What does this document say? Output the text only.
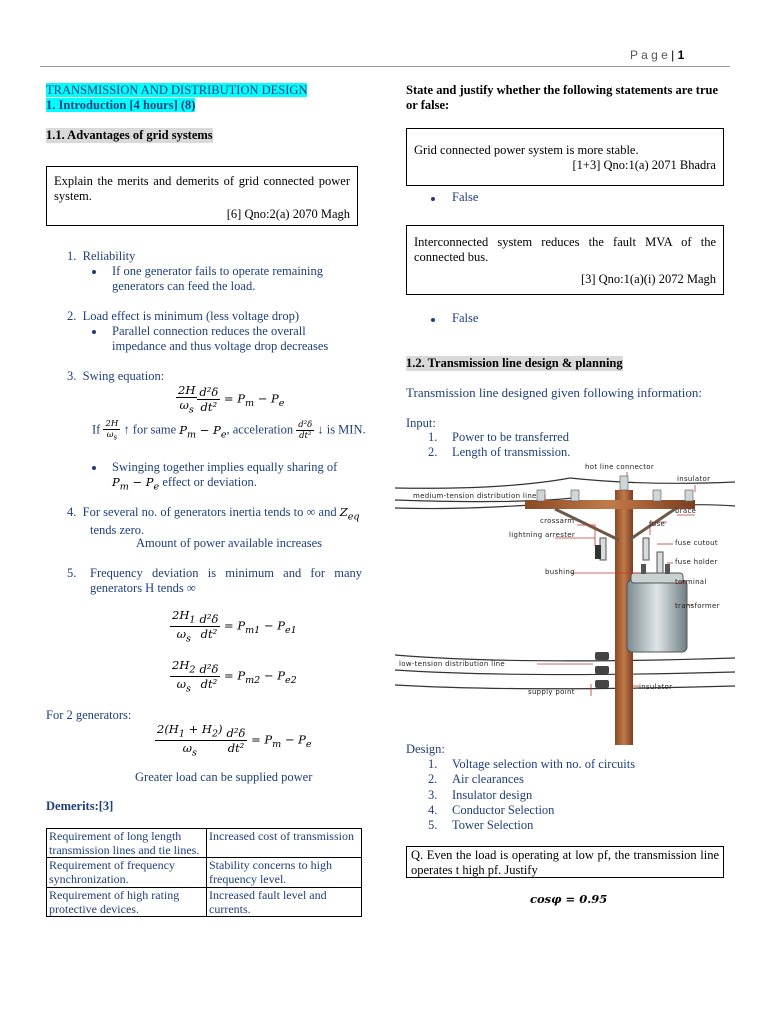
P a g e | 1
TRANSMISSION AND DISTRIBUTION DESIGN
1. Introduction [4 hours] (8)
1.1. Advantages of grid systems
Explain the merits and demerits of grid connected power system.
[6] Qno:2(a) 2070 Magh
1. Reliability
If one generator fails to operate remaining generators can feed the load.
2. Load effect is minimum (less voltage drop)
Parallel connection reduces the overall impedance and thus voltage drop decreases
3. Swing equation:
$\frac{2H}{\omega_s} \frac{\text{d²δ}}{\text{dt²}} = P_m - P_e$
If $\frac{2H}{\omega_s}$ ↑ for same $P_m - P_e$, acceleration $\frac{\text{d²δ}}{\text{dt²}}$ ↓ is MIN.
Swinging together implies equally sharing of
$P_m - P_e$ effect or deviation.
4. For several no. of generators inertia tends to ∞ and $Z_{eq}$
tends zero.
Amount of power available increases
5.	Frequency deviation is minimum and for many generators H tends ∞
$\frac{2H_1}{\omega_s} \frac{\text{d²δ}}{\text{dt²}} = P_{m1} - P_{e1}$
$\frac{2H_2}{\omega_s} \frac{\text{d²δ}}{\text{dt²}} = P_{m2} - P_{e2}$
For 2 generators:
$\frac{2(H_1 + H_2)}{\omega_s} \frac{\text{d²δ}}{\text{dt²}} = P_m - P_e$
Greater load can be supplied power
Demerits:[3]
Requirement of long length transmission lines and tie lines.	Increased cost of transmission
Requirement of frequency synchronization.	Stability concerns to high frequency level.
Requirement of high rating protective devices.	Increased fault level and currents.
State and justify whether the following statements are true or false:
Grid connected power system is more stable.
[1+3] Qno:1(a) 2071 Bhadra
False
Interconnected system reduces the fault MVA of the connected bus.
[3] Qno:1(a)(i) 2072 Magh
False
1.2. Transmission line design & planning
Transmission line designed given following information:
Input:
1. Power to be transferred
2. Length of transmission.
hot line connector
insulator
medium-tension distribution line
brace
crossarm	fuse
lightning arrester
fuse cutout
fuse holder
bushing
terminal
transformer
low-tension distribution line
insulator
supply point
Design:
1. Voltage selection with no. of circuits
2. Air clearances
3. Insulator design
4. Conductor Selection
5. Tower Selection
Q. Even the load is operating at low pf, the transmission line operates t high pf. Justify
cosφ = 0.95
